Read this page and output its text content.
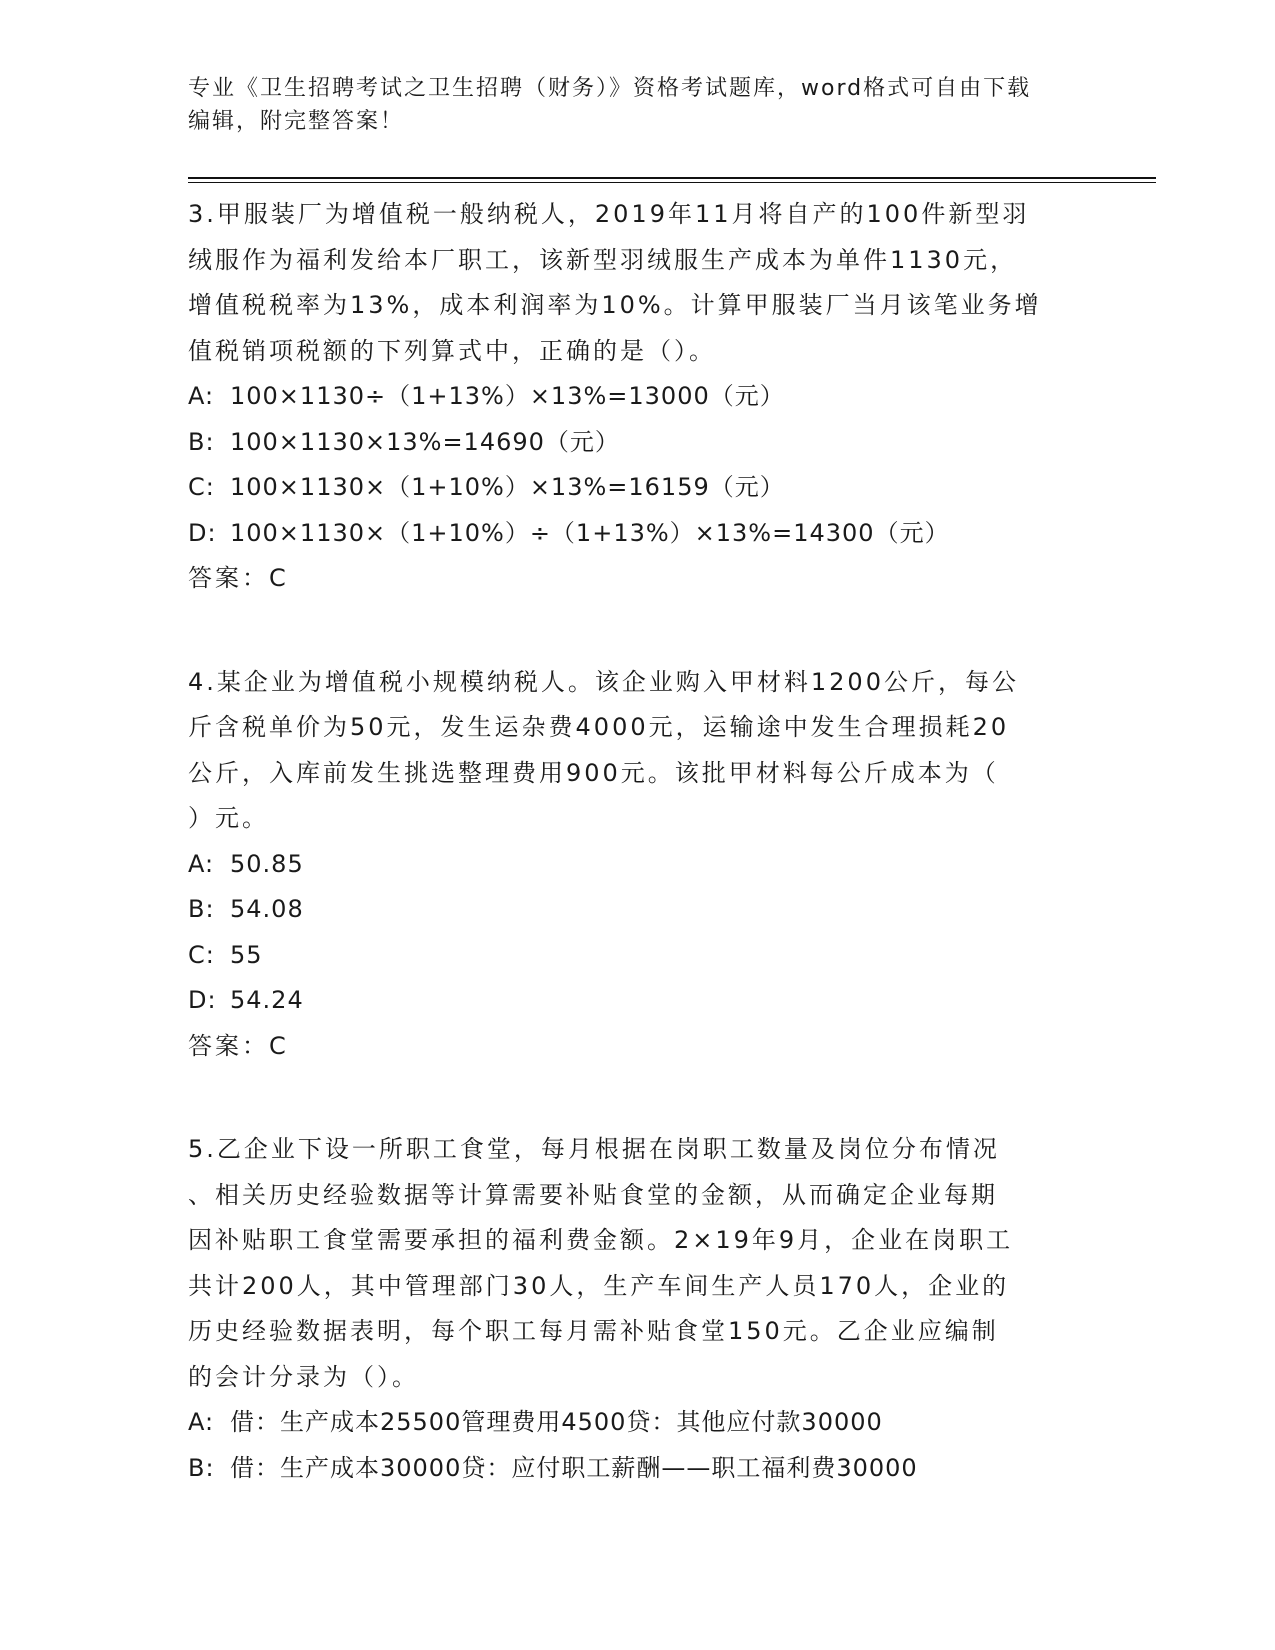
专业《卫生招聘考试之卫生招聘（财务）》资格考试题库，word格式可自由下载
编辑，附完整答案！
3.甲服装厂为增值税一般纳税人，2019年11月将自产的100件新型羽
绒服作为福利发给本厂职工，该新型羽绒服生产成本为单件1130元，
增值税税率为13%，成本利润率为10%。计算甲服装厂当月该笔业务增
值税销项税额的下列算式中，正确的是（）。
A: 100×1130÷（1+13%）×13%=13000（元）
B: 100×1130×13%=14690（元）
C: 100×1130×（1+10%）×13%=16159（元）
D: 100×1130×（1+10%）÷（1+13%）×13%=14300（元）
答案：C
4.某企业为增值税小规模纳税人。该企业购入甲材料1200公斤，每公
斤含税单价为50元，发生运杂费4000元，运输途中发生合理损耗20
公斤，入库前发生挑选整理费用900元。该批甲材料每公斤成本为（
）元。
A: 50.85
B: 54.08
C: 55
D: 54.24
答案：C
5.乙企业下设一所职工食堂，每月根据在岗职工数量及岗位分布情况
、相关历史经验数据等计算需要补贴食堂的金额，从而确定企业每期
因补贴职工食堂需要承担的福利费金额。2×19年9月，企业在岗职工
共计200人，其中管理部门30人，生产车间生产人员170人，企业的
历史经验数据表明，每个职工每月需补贴食堂150元。乙企业应编制
的会计分录为（）。
A: 借：生产成本25500管理费用4500贷：其他应付款30000
B: 借：生产成本30000贷：应付职工薪酬——职工福利费30000
